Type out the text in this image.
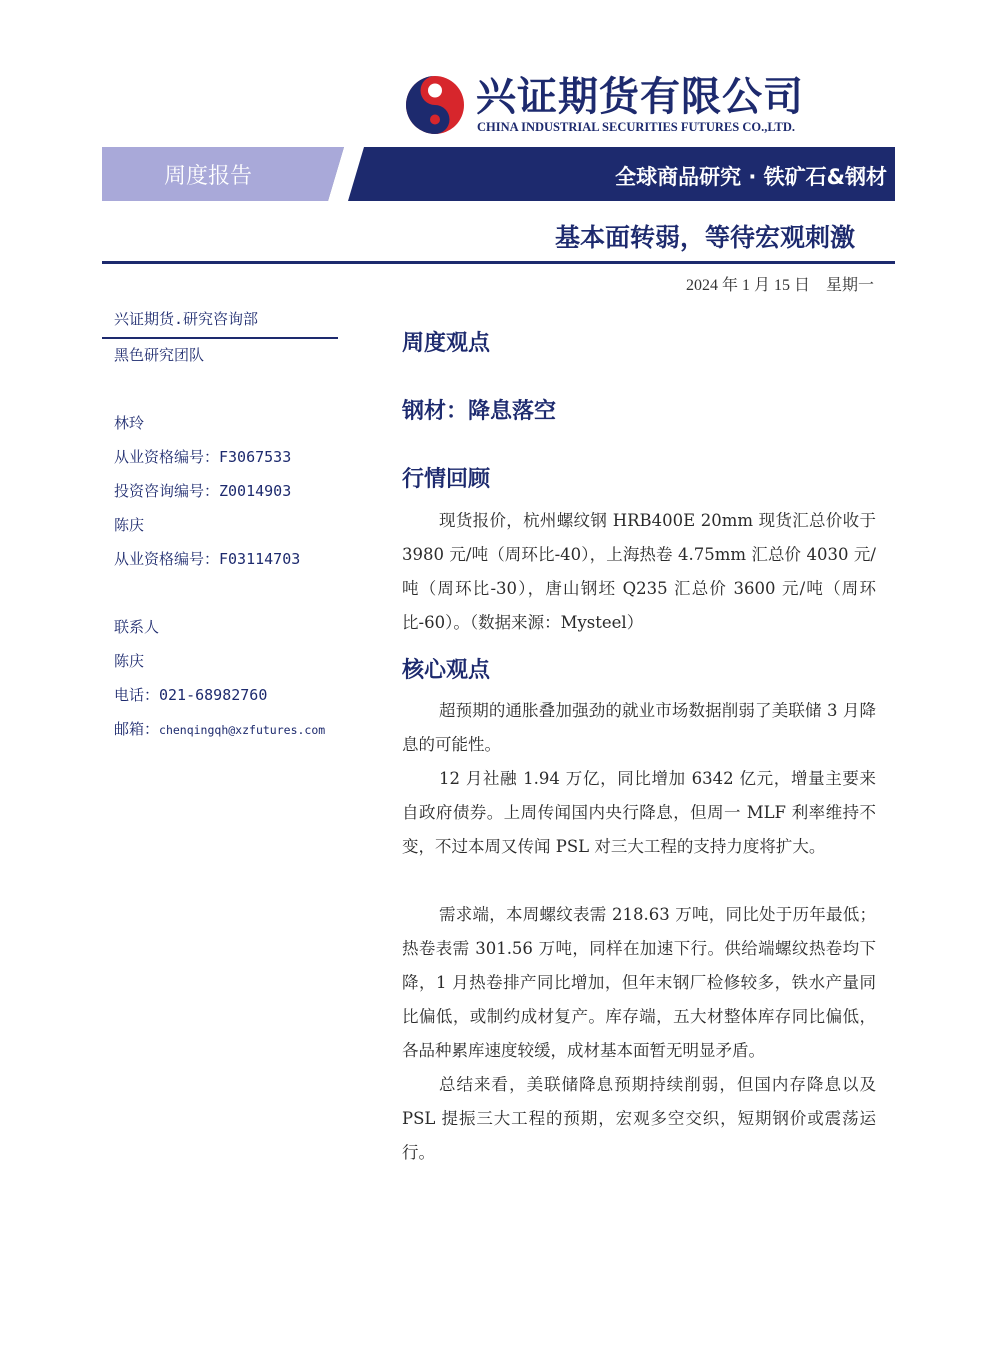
兴证期货有限公司
CHINA INDUSTRIAL SECURITIES FUTURES CO.,LTD.
周度报告	全球商品研究 · 铁矿石&钢材
基本面转弱，等待宏观刺激
2024 年 1 月 15 日　星期一
兴证期货.研究咨询部
黑色研究团队
林玲
从业资格编号：F3067533
投资咨询编号：Z0014903
陈庆
从业资格编号：F03114703
联系人
陈庆
电话：021-68982760
邮箱：chenqingqh@xzfutures.com
周度观点
钢材：降息落空
行情回顾
现货报价，杭州螺纹钢 HRB400E 20mm 现货汇总价收于 3980 元/吨（周环比-40），上海热卷 4.75mm 汇总价 4030 元/吨（周环比-30），唐山钢坯 Q235 汇总价 3600 元/吨（周环比-60）。（数据来源：Mysteel）
核心观点
超预期的通胀叠加强劲的就业市场数据削弱了美联储 3 月降息的可能性。
12 月社融 1.94 万亿，同比增加 6342 亿元，增量主要来自政府债券。上周传闻国内央行降息，但周一 MLF 利率维持不变，不过本周又传闻 PSL 对三大工程的支持力度将扩大。
需求端，本周螺纹表需 218.63 万吨，同比处于历年最低；热卷表需 301.56 万吨，同样在加速下行。供给端螺纹热卷均下降，1 月热卷排产同比增加，但年末钢厂检修较多，铁水产量同比偏低，或制约成材复产。库存端，五大材整体库存同比偏低，各品种累库速度较缓，成材基本面暂无明显矛盾。
总结来看，美联储降息预期持续削弱，但国内存降息以及 PSL 提振三大工程的预期，宏观多空交织，短期钢价或震荡运行。
